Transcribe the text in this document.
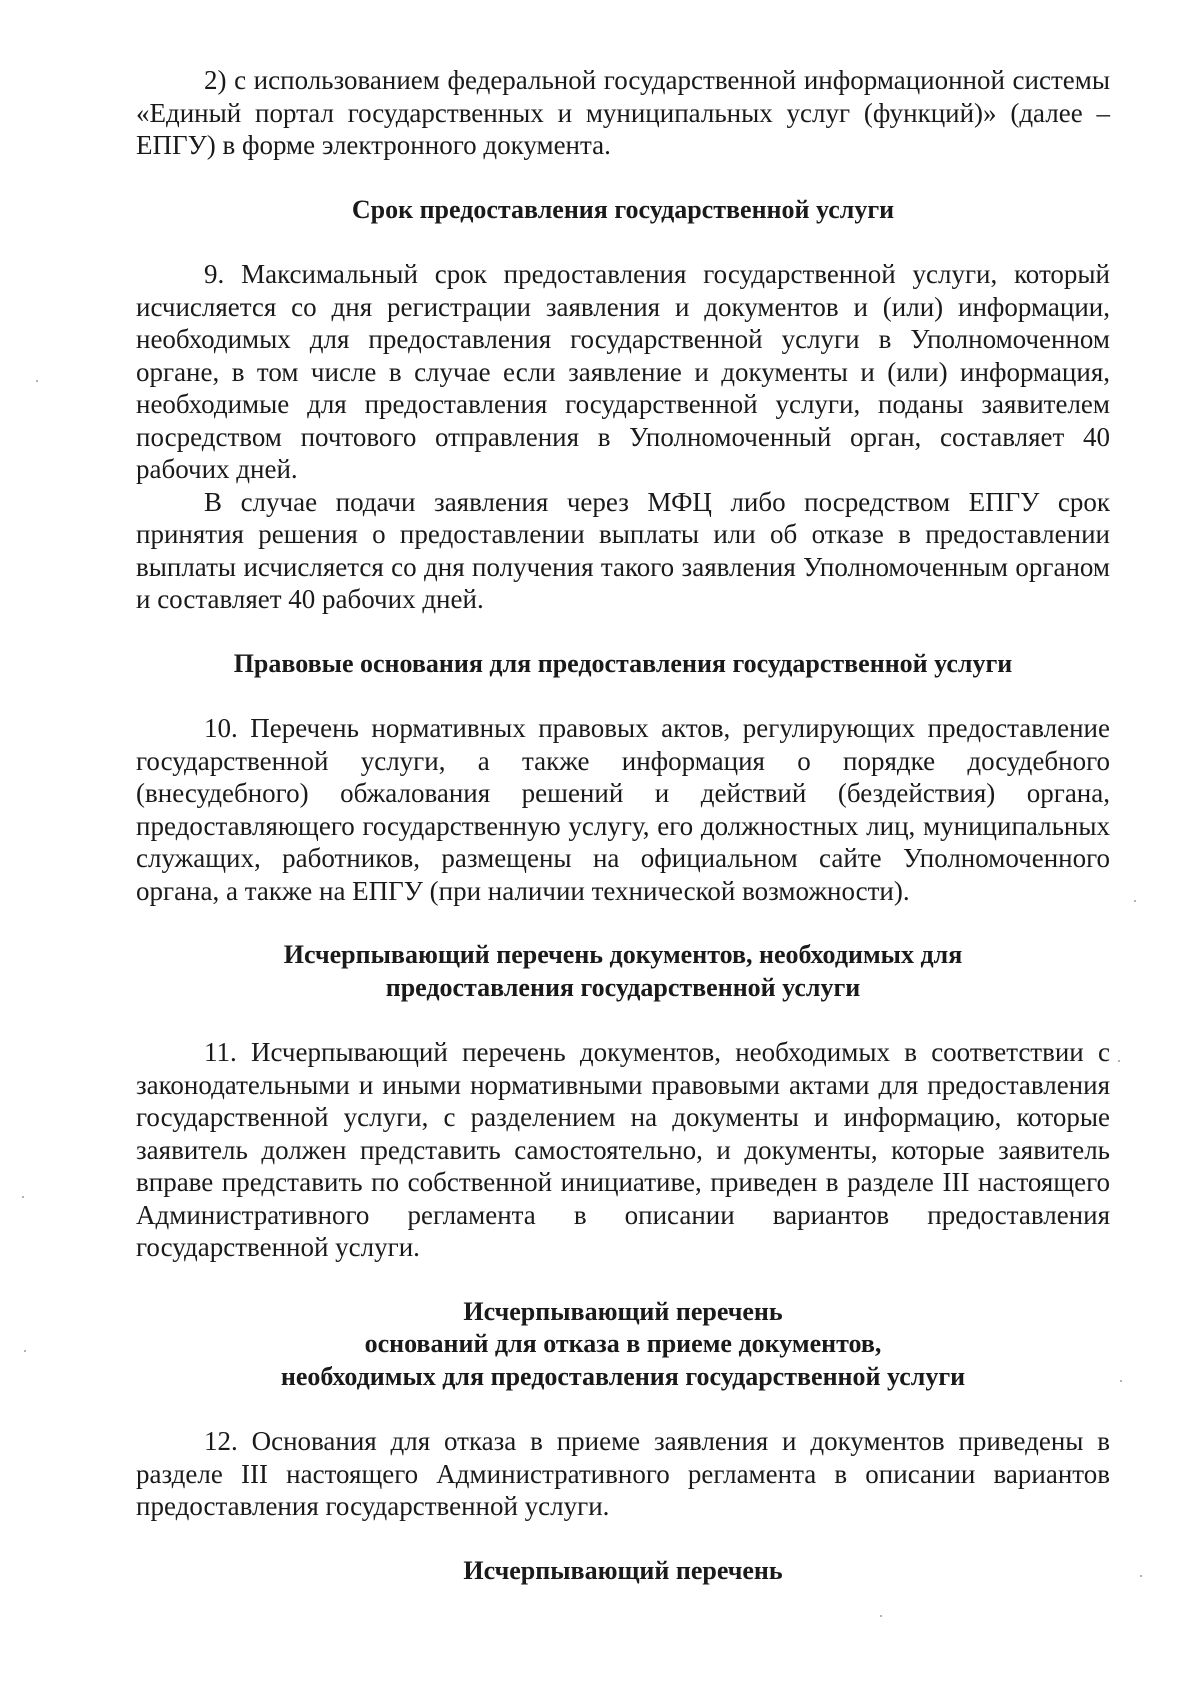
2) с использованием федеральной государственной информационной системы «Единый портал государственных и муниципальных услуг (функций)» (далее – ЕПГУ) в форме электронного документа.

Срок предоставления государственной услуги

9. Максимальный срок предоставления государственной услуги, который исчисляется со дня регистрации заявления и документов и (или) информации, необходимых для предоставления государственной услуги в Уполномоченном органе, в том числе в случае если заявление и документы и (или) информация, необходимые для предоставления государственной услуги, поданы заявителем посредством почтового отправления в Уполномоченный орган, составляет 40 рабочих дней.

В случае подачи заявления через МФЦ либо посредством ЕПГУ срок принятия решения о предоставлении выплаты или об отказе в предоставлении выплаты исчисляется со дня получения такого заявления Уполномоченным органом и составляет 40 рабочих дней.

Правовые основания для предоставления государственной услуги

10. Перечень нормативных правовых актов, регулирующих предоставление государственной услуги, а также информация о порядке досудебного (внесудебного) обжалования решений и действий (бездействия) органа, предоставляющего государственную услугу, его должностных лиц, муниципальных служащих, работников, размещены на официальном сайте Уполномоченного органа, а также на ЕПГУ (при наличии технической возможности).

Исчерпывающий перечень документов, необходимых для
предоставления государственной услуги

11. Исчерпывающий перечень документов, необходимых в соответствии с законодательными и иными нормативными правовыми актами для предоставления государственной услуги, с разделением на документы и информацию, которые заявитель должен представить самостоятельно, и документы, которые заявитель вправе представить по собственной инициативе, приведен в разделе III настоящего Административного регламента в описании вариантов предоставления государственной услуги.

Исчерпывающий перечень
оснований для отказа в приеме документов,
необходимых для предоставления государственной услуги

12. Основания для отказа в приеме заявления и документов приведены в разделе III настоящего Административного регламента в описании вариантов предоставления государственной услуги.

Исчерпывающий перечень
